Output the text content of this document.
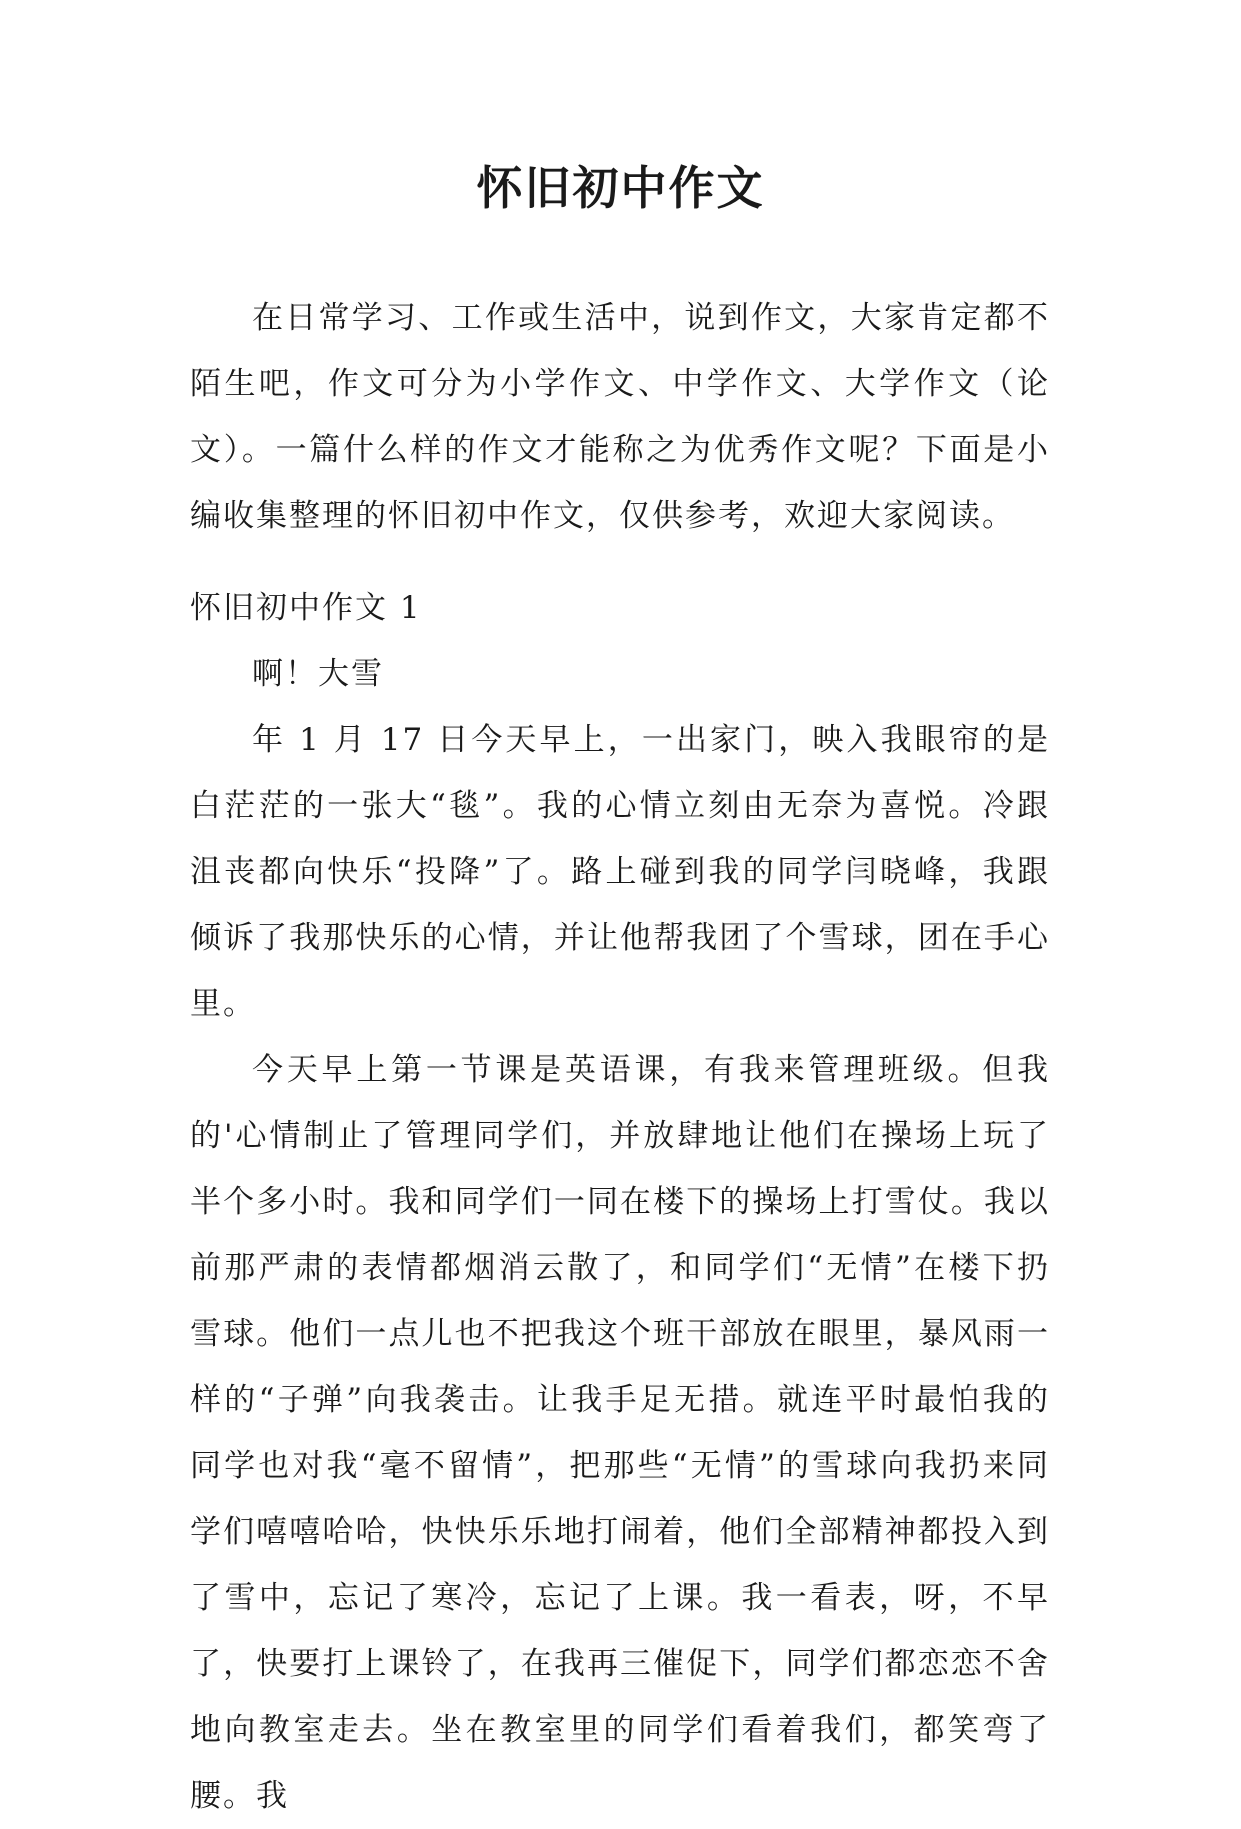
怀旧初中作文

在日常学习、工作或生活中，说到作文，大家肯定都不陌生吧，作文可分为小学作文、中学作文、大学作文（论文）。一篇什么样的作文才能称之为优秀作文呢？下面是小编收集整理的怀旧初中作文，仅供参考，欢迎大家阅读。

怀旧初中作文 1

啊！大雪

年 1 月 17 日今天早上，一出家门，映入我眼帘的是白茫茫的一张大“毯”。我的心情立刻由无奈为喜悦。冷跟沮丧都向快乐“投降”了。路上碰到我的同学闫晓峰，我跟倾诉了我那快乐的心情，并让他帮我团了个雪球，团在手心里。

今天早上第一节课是英语课，有我来管理班级。但我的'心情制止了管理同学们，并放肆地让他们在操场上玩了半个多小时。我和同学们一同在楼下的操场上打雪仗。我以前那严肃的表情都烟消云散了，和同学们“无情”在楼下扔雪球。他们一点儿也不把我这个班干部放在眼里，暴风雨一样的“子弹”向我袭击。让我手足无措。就连平时最怕我的同学也对我“毫不留情”，把那些“无情”的雪球向我扔来同学们嘻嘻哈哈，快快乐乐地打闹着，他们全部精神都投入到了雪中，忘记了寒冷，忘记了上课。我一看表，呀，不早了，快要打上课铃了，在我再三催促下，同学们都恋恋不舍地向教室走去。坐在教室里的同学们看着我们，都笑弯了腰。我
